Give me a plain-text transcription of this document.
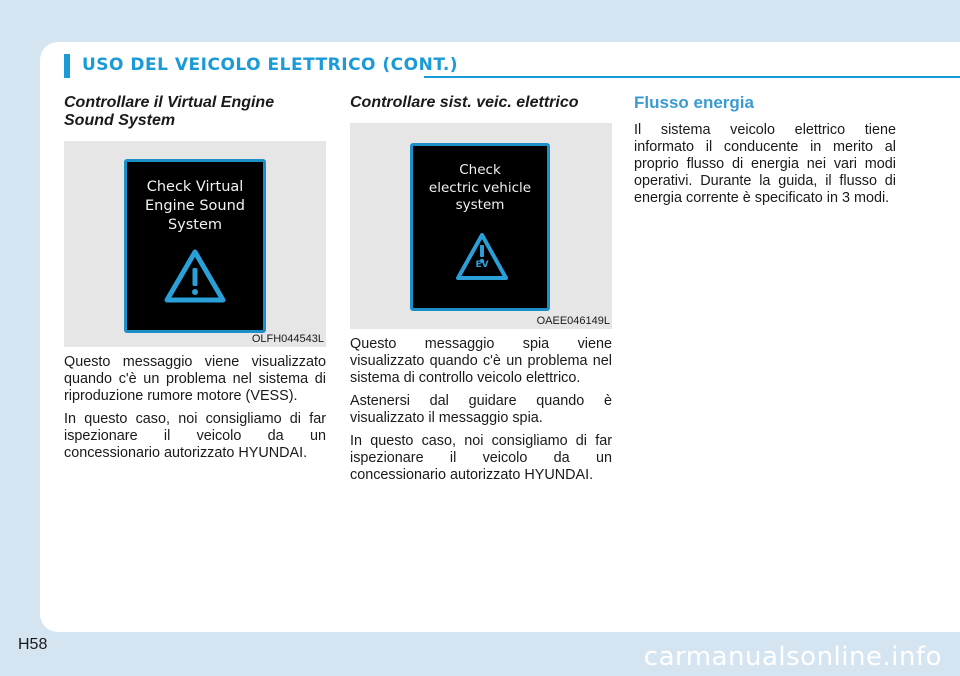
USO DEL VEICOLO ELETTRICO (CONT.)
Controllare il Virtual Engine Sound System
Check Virtual
Engine Sound
System
OLFH044543L

Questo messaggio viene visualizzato quando c'è un problema nel sistema di riproduzione rumore motore (VESS).

In questo caso, noi consigliamo di far ispezionare il veicolo da un concessionario autorizzato HYUNDAI.

Controllare sist. veic. elettrico
Check
electric vehicle
system
EV
OAEE046149L

Questo messaggio spia viene visualizzato quando c'è un problema nel sistema di controllo veicolo elettrico.

Astenersi dal guidare quando è visualizzato il messaggio spia.

In questo caso, noi consigliamo di far ispezionare il veicolo da un concessionario autorizzato HYUNDAI.

Flusso energia

Il sistema veicolo elettrico tiene informato il conducente in merito al proprio flusso di energia nei vari modi operativi. Durante la guida, il flusso di energia corrente è specificato in 3 modi.

H58	carmanualsonline.info
